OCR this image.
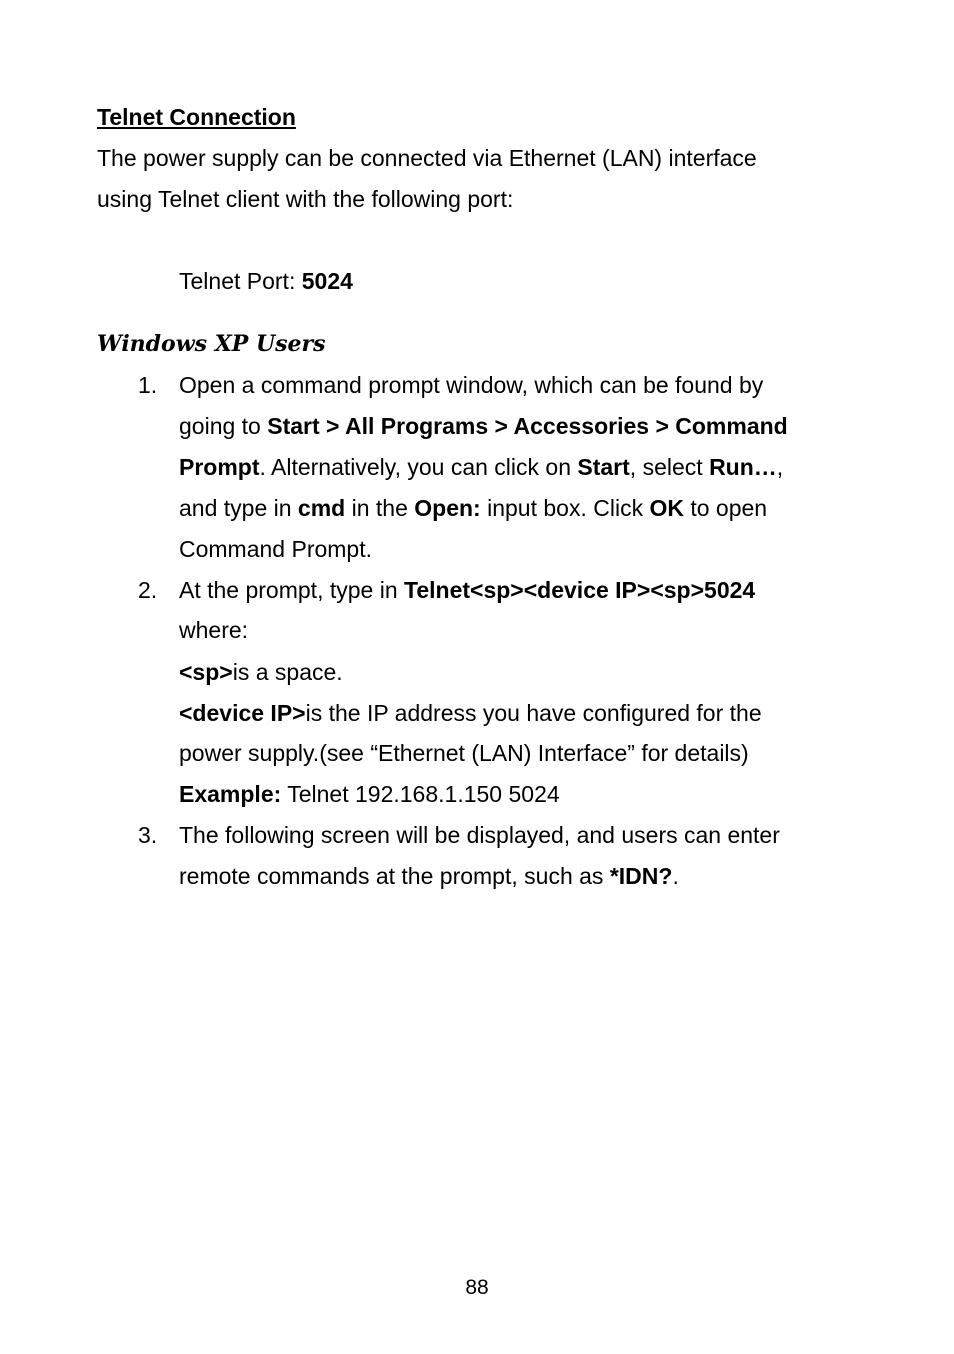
Telnet Connection
The power supply can be connected via Ethernet (LAN) interface
using Telnet client with the following port:
Telnet Port: 5024
Windows XP Users
1. Open a command prompt window, which can be found by
going to Start > All Programs > Accessories > Command
Prompt. Alternatively, you can click on Start, select Run…,
and type in cmd in the Open: input box. Click OK to open
Command Prompt.
2. At the prompt, type in Telnet<sp><device IP><sp>5024
where:
<sp>is a space.
<device IP>is the IP address you have configured for the
power supply.(see “Ethernet (LAN) Interface” for details)
Example: Telnet 192.168.1.150 5024
3. The following screen will be displayed, and users can enter
remote commands at the prompt, such as *IDN?.
88
